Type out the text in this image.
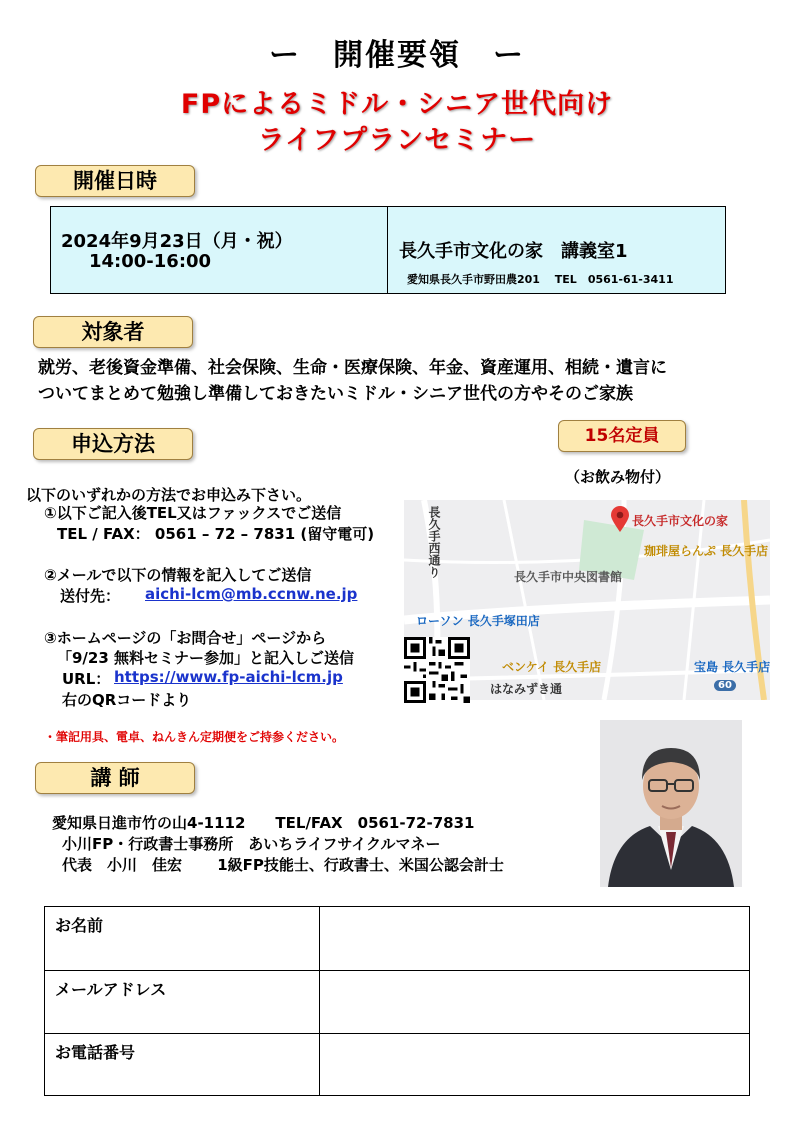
ー　開催要領　ー
FPによるミドル・シニア世代向け
ライフプランセミナー
開催日時
2024年9月23日（月・祝）
14:00-16:00	長久手市文化の家　講義室1
愛知県長久手市野田農201　 TEL　0561-61-3411
対象者
就労、老後資金準備、社会保険、生命・医療保険、年金、資産運用、相続・遺言に
ついてまとめて勉強し準備しておきたいミドル・シニア世代の方やそのご家族
申込方法	15名定員
（お飲み物付）
以下のいずれかの方法でお申込み下さい。
①以下ご記入後TEL又はファックスでご送信
TEL / FAX： 0561 – 72 – 7831 (留守電可)
②メールで以下の情報を記入してご送信
送付先： aichi-lcm@mb.ccnw.ne.jp
③ホームページの「お問合せ」ページから
「9/23 無料セミナー参加」と記入しご送信
URL： https://www.fp-aichi-lcm.jp
右のQRコードより
・筆記用具、電卓、ねんきん定期便をご持参ください。
長久手市文化の家
珈琲屋らんぷ 長久手店
長久手市中央図書館
ローソン 長久手塚田店
ベンケイ 長久手店	宝島 長久手店
はなみずき通
長久手西通り
60
講 師
愛知県日進市竹の山4-1112　　TEL/FAX　0561-72-7831
小川FP・行政書士事務所　あいちライフサイクルマネー
代表　小川　佳宏　　 1級FP技能士、行政書士、米国公認会計士
お名前	
メールアドレス	
お電話番号	
